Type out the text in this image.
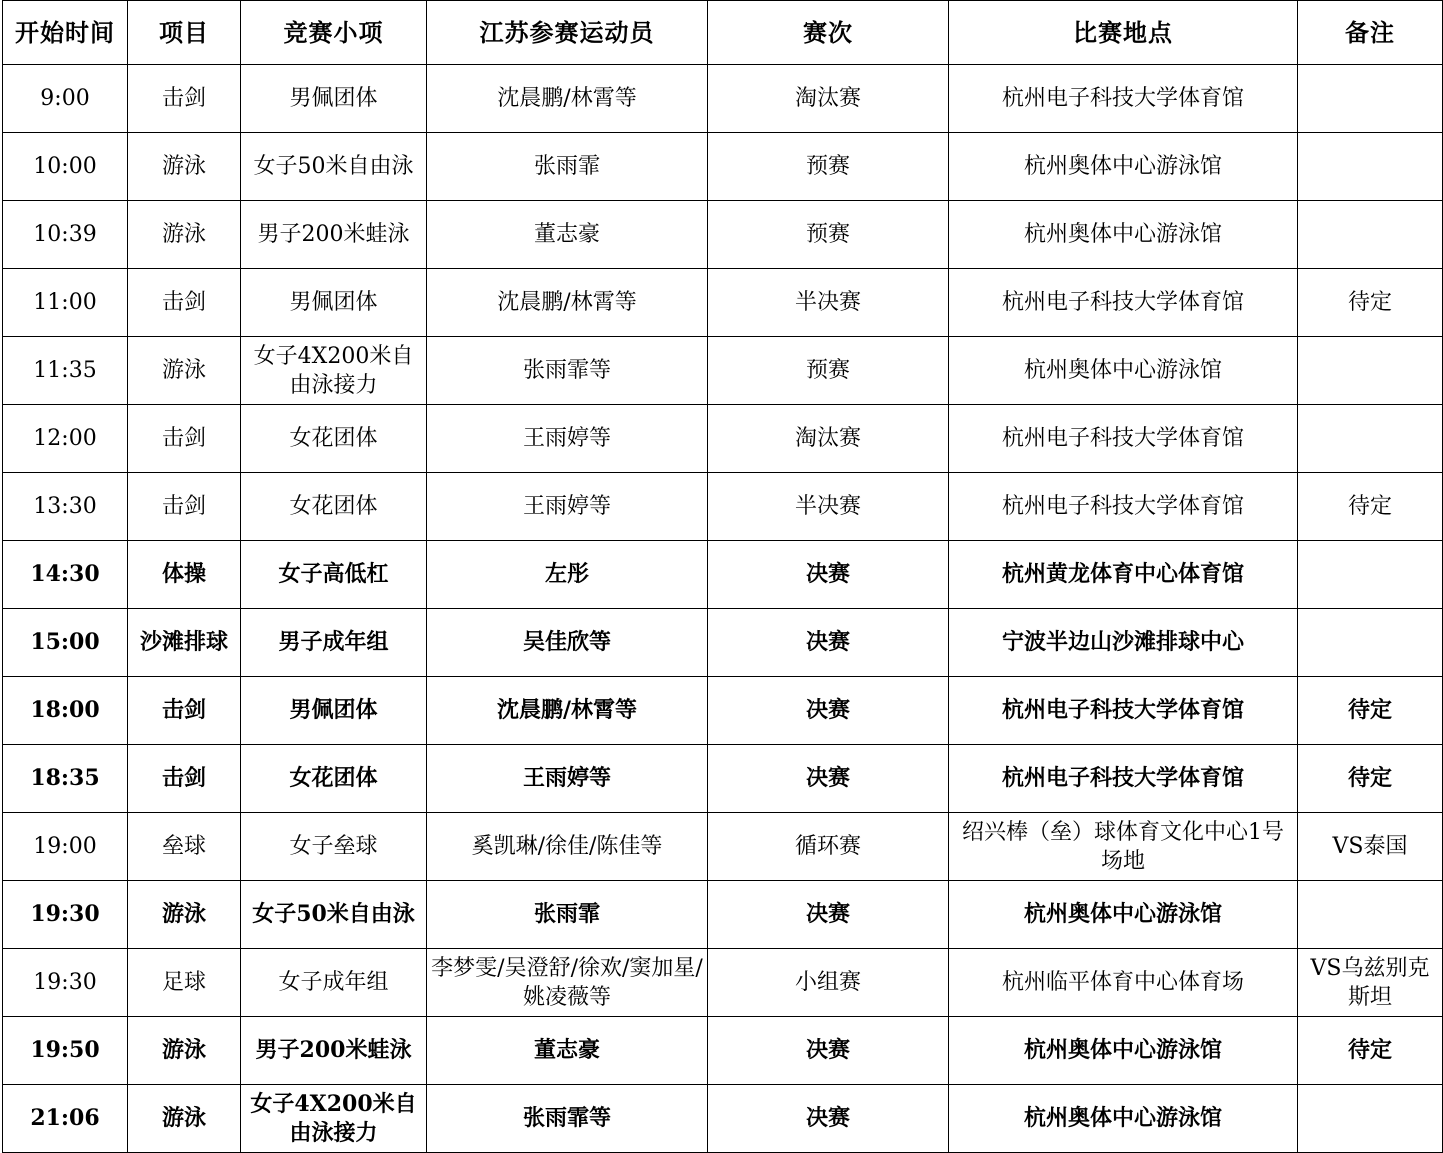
开始时间	项目	竞赛小项	江苏参赛运动员	赛次	比赛地点	备注
9:00	击剑	男佩团体	沈晨鹏/林霄等	淘汰赛	杭州电子科技大学体育馆	
10:00	游泳	女子50米自由泳	张雨霏	预赛	杭州奥体中心游泳馆	
10:39	游泳	男子200米蛙泳	董志豪	预赛	杭州奥体中心游泳馆	
11:00	击剑	男佩团体	沈晨鹏/林霄等	半决赛	杭州电子科技大学体育馆	待定
11:35	游泳	女子4X200米自由泳接力	张雨霏等	预赛	杭州奥体中心游泳馆	
12:00	击剑	女花团体	王雨婷等	淘汰赛	杭州电子科技大学体育馆	
13:30	击剑	女花团体	王雨婷等	半决赛	杭州电子科技大学体育馆	待定
14:30	体操	女子高低杠	左彤	决赛	杭州黄龙体育中心体育馆	
15:00	沙滩排球	男子成年组	吴佳欣等	决赛	宁波半边山沙滩排球中心	
18:00	击剑	男佩团体	沈晨鹏/林霄等	决赛	杭州电子科技大学体育馆	待定
18:35	击剑	女花团体	王雨婷等	决赛	杭州电子科技大学体育馆	待定
19:00	垒球	女子垒球	奚凯琳/徐佳/陈佳等	循环赛	绍兴棒（垒）球体育文化中心1号场地	VS泰国
19:30	游泳	女子50米自由泳	张雨霏	决赛	杭州奥体中心游泳馆	
19:30	足球	女子成年组	李梦雯/吴澄舒/徐欢/窦加星/姚凌薇等	小组赛	杭州临平体育中心体育场	VS乌兹别克斯坦
19:50	游泳	男子200米蛙泳	董志豪	决赛	杭州奥体中心游泳馆	待定
21:06	游泳	女子4X200米自由泳接力	张雨霏等	决赛	杭州奥体中心游泳馆	
